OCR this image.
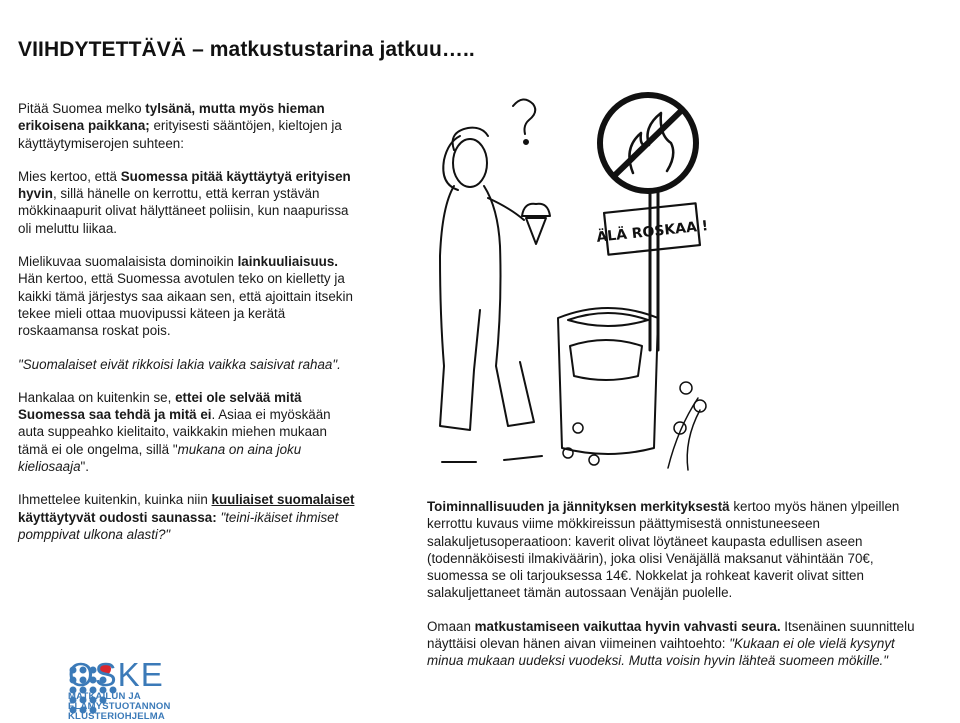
VIIHDYTETTÄVÄ – matkustustarina jatkuu…..

Pitää Suomea melko tylsänä, mutta myös hieman erikoisena paikkana; erityisesti sääntöjen, kieltojen ja käyttäytymiserojen suhteen:

Mies kertoo, että Suomessa pitää käyttäytyä erityisen hyvin, sillä hänelle on kerrottu, että kerran ystävän mökkinaapurit olivat hälyttäneet poliisin, kun naapurissa oli meluttu liikaa.

Mielikuvaa suomalaisista dominoikin lainkuuliaisuus. Hän kertoo, että Suomessa avotulen teko on kielletty ja kaikki tämä järjestys saa aikaan sen, että ajoittain itsekin tekee mieli ottaa muovipussi käteen ja kerätä roskaamansa roskat pois.

"Suomalaiset eivät rikkoisi lakia vaikka saisivat rahaa".

Hankalaa on kuitenkin se, ettei ole selvää mitä Suomessa saa tehdä ja mitä ei. Asiaa ei myöskään auta suppeahko kielitaito, vaikkakin miehen mukaan tämä ei ole ongelma, sillä "mukana on aina joku kieliosaaja".

Ihmettelee kuitenkin, kuinka niin kuuliaiset suomalaiset käyttäytyvät oudosti saunassa: "teini-ikäiset ihmiset pomppivat ulkona alasti?"

ÄLÄ ROSKAA !

Toiminnallisuuden ja jännityksen merkityksestä kertoo myös hänen ylpeillen kerrottu kuvaus viime mökkireissun päättymisestä onnistuneeseen salakuljetusoperaatioon: kaverit olivat löytäneet kaupasta edullisen aseen (todennäköisesti ilmakiväärin), joka olisi Venäjällä maksanut vähintään 70€, suomessa se oli tarjouksessa 14€. Nokkelat ja rohkeat kaverit olivat sitten salakuljettaneet tämän autossaan Venäjän puolelle.

Omaan matkustamiseen vaikuttaa hyvin vahvasti seura. Itsenäinen suunnittelu näyttäisi olevan hänen aivan viimeinen vaihtoehto: "Kukaan ei ole vielä kysynyt minua mukaan uudeksi vuodeksi. Mutta voisin hyvin lähteä suomeen mökille."

OSKE
MATKAILUN JA
ELÄMYSTUOTANNON
KLUSTERIOHJELMA
